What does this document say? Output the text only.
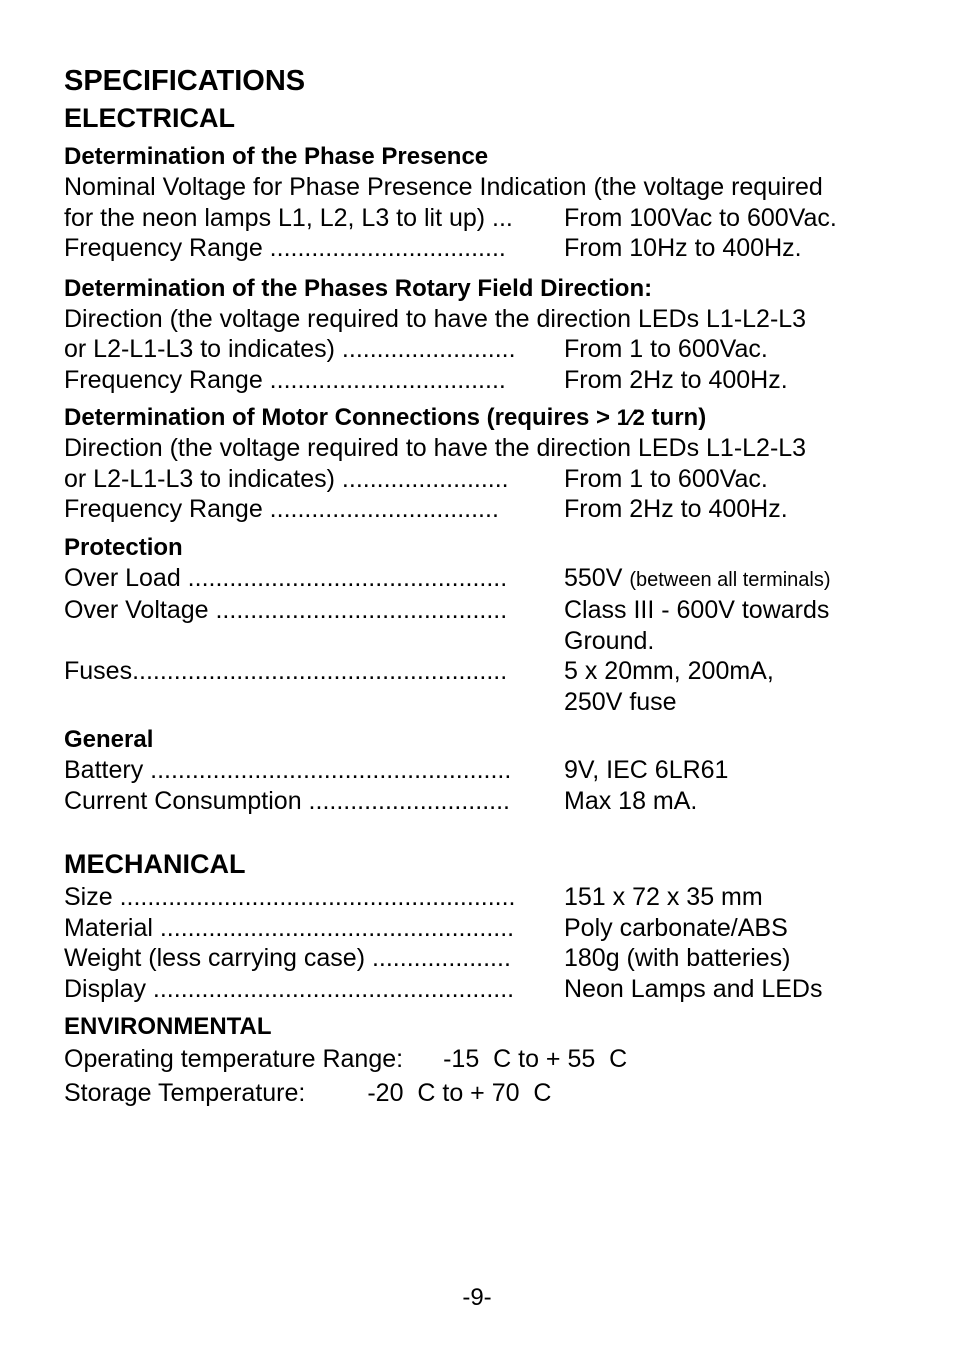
SPECIFICATIONS
ELECTRICAL
Determination of the Phase Presence
Nominal Voltage for Phase Presence Indication (the voltage required
for the neon lamps L1, L2, L3 to lit up) ...	From 100Vac to 600Vac.
Frequency Range ..................................	From 10Hz to 400Hz.
Determination of the Phases Rotary Field Direction:
Direction (the voltage required to have the direction LEDs L1-L2-L3
or L2-L1-L3 to indicates) .........................	From 1 to 600Vac.
Frequency Range ..................................	From 2Hz to 400Hz.
Determination of Motor Connections (requires > 1⁄2 turn)
Direction (the voltage required to have the direction LEDs L1-L2-L3
or L2-L1-L3 to indicates) ........................	From 1 to 600Vac.
Frequency Range .................................	From 2Hz to 400Hz.
Protection
Over Load ..............................................	550V (between all terminals)
Over Voltage ..........................................	Class III - 600V towards
Ground.
Fuses......................................................	5 x 20mm, 200mA,
250V fuse
General
Battery ....................................................	9V, IEC 6LR61
Current Consumption .............................	Max 18 mA.
MECHANICAL
Size .........................................................	151 x 72 x 35 mm
Material ...................................................	Poly carbonate/ABS
Weight (less carrying case) ....................	180g (with batteries)
Display ....................................................	Neon Lamps and LEDs
ENVIRONMENTAL
Operating temperature Range: -15  C to + 55  C
Storage Temperature: -20  C to + 70  C
-9-
